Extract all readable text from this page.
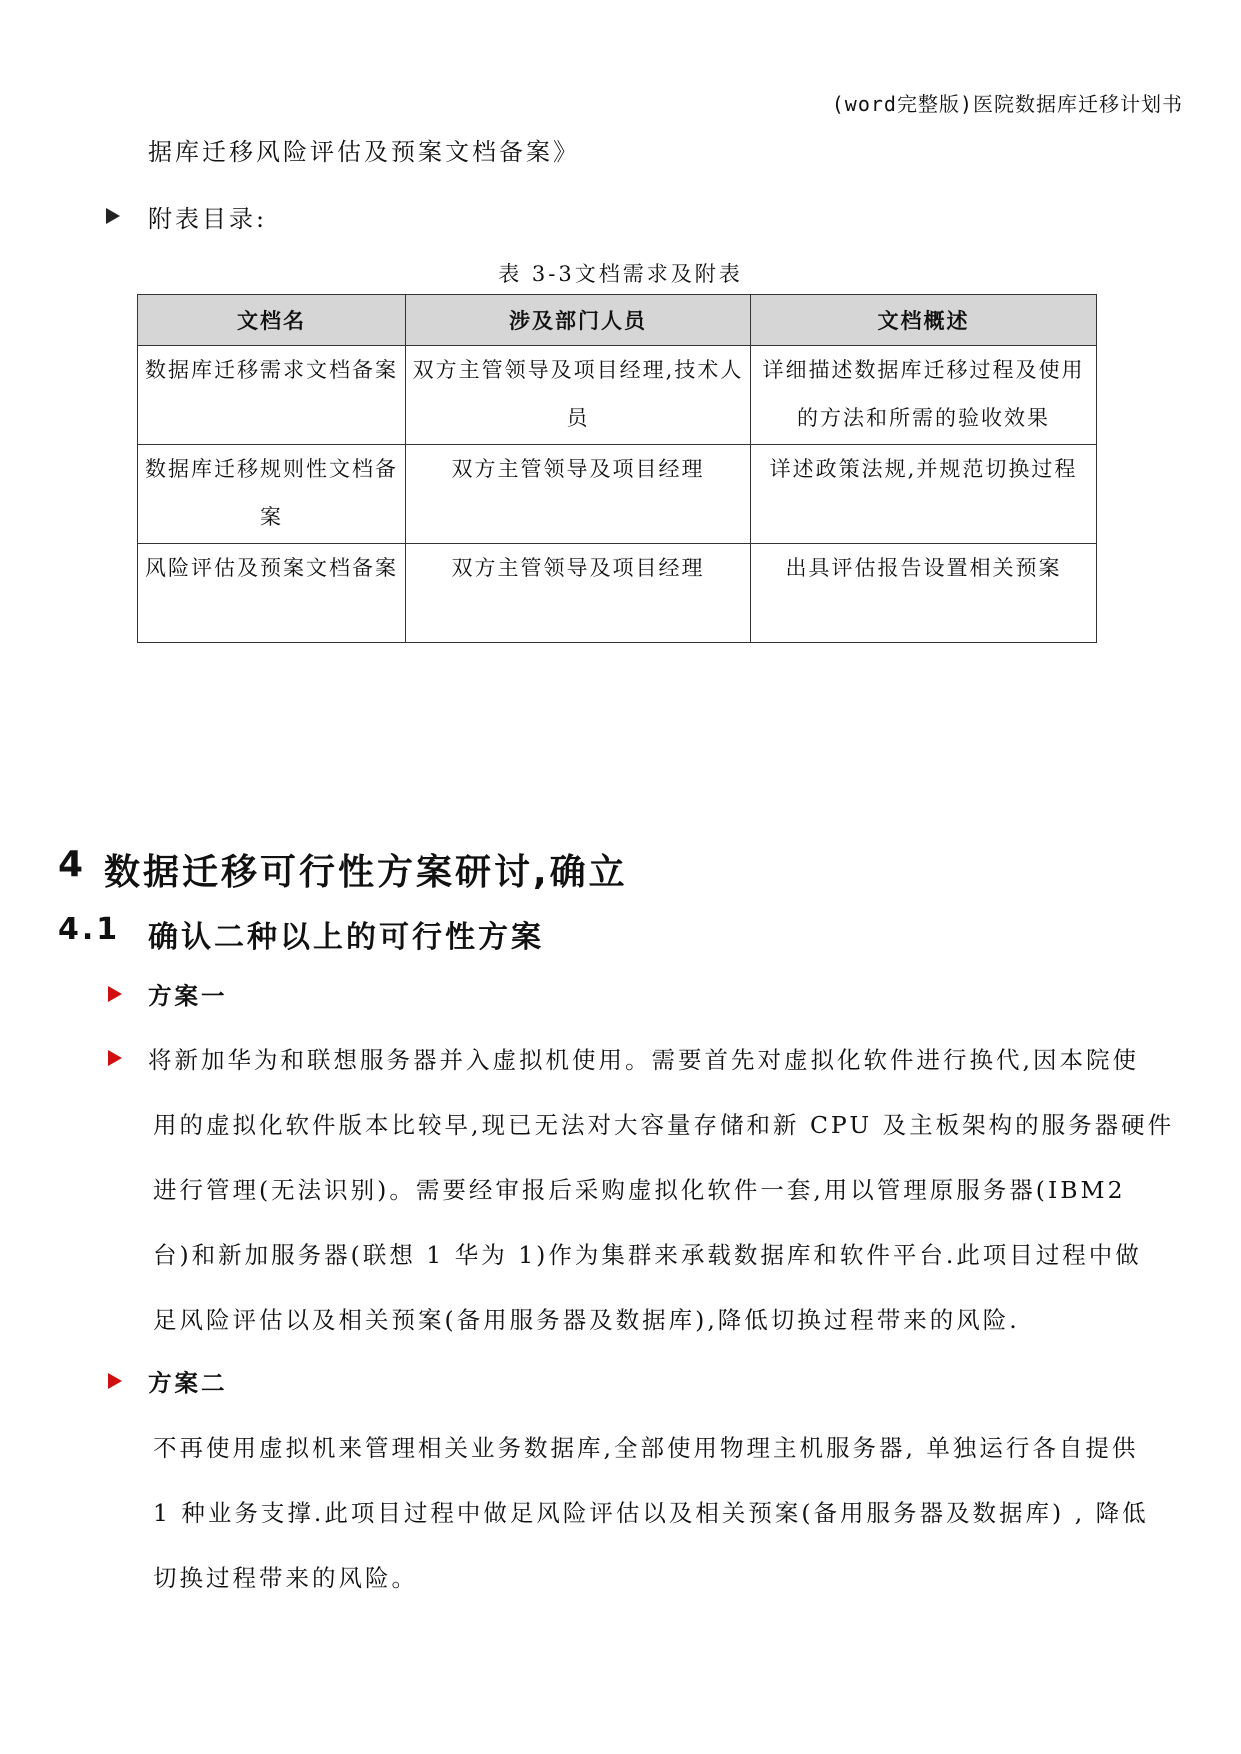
(word完整版)医院数据库迁移计划书
据库迁移风险评估及预案文档备案》
附表目录:
表 3-3文档需求及附表
文档名	涉及部门人员	文档概述
数据库迁移需求文档备案	双方主管领导及项目经理,技术人员	详细描述数据库迁移过程及使用的方法和所需的验收效果
数据库迁移规则性文档备案	双方主管领导及项目经理	详述政策法规,并规范切换过程
风险评估及预案文档备案	双方主管领导及项目经理	出具评估报告设置相关预案
4 数据迁移可行性方案研讨,确立
4.1 确认二种以上的可行性方案
方案一
将新加华为和联想服务器并入虚拟机使用。需要首先对虚拟化软件进行换代,因本院使
用的虚拟化软件版本比较早,现已无法对大容量存储和新 CPU 及主板架构的服务器硬件
进行管理(无法识别)。需要经审报后采购虚拟化软件一套,用以管理原服务器(IBM2
台)和新加服务器(联想 1 华为 1)作为集群来承载数据库和软件平台.此项目过程中做
足风险评估以及相关预案(备用服务器及数据库),降低切换过程带来的风险.
方案二
不再使用虚拟机来管理相关业务数据库,全部使用物理主机服务器, 单独运行各自提供
1 种业务支撑.此项目过程中做足风险评估以及相关预案(备用服务器及数据库) , 降低
切换过程带来的风险。
